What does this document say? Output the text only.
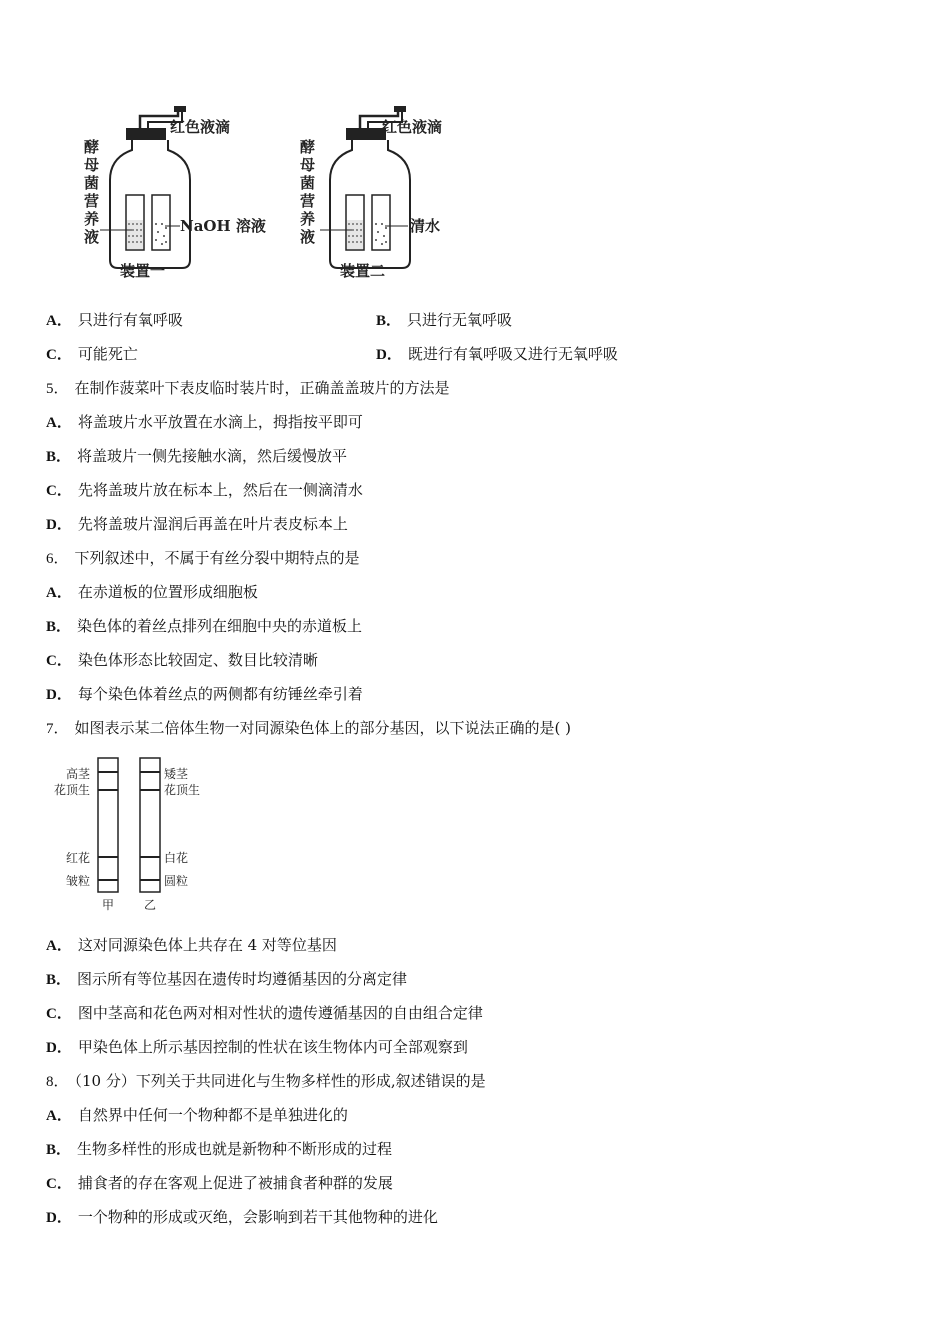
红色液滴
酵
母
菌
营
养
液
NaOH 溶液
装置一
红色液滴
酵
母
菌
营
养
液
清水
装置二
A． 只进行有氧呼吸	B． 只进行无氧呼吸
C． 可能死亡	D． 既进行有氧呼吸又进行无氧呼吸
5． 在制作菠菜叶下表皮临时装片时，正确盖盖玻片的方法是
A． 将盖玻片水平放置在水滴上，拇指按平即可
B． 将盖玻片一侧先接触水滴，然后缓慢放平
C． 先将盖玻片放在标本上，然后在一侧滴清水
D． 先将盖玻片湿润后再盖在叶片表皮标本上
6． 下列叙述中，不属于有丝分裂中期特点的是
A． 在赤道板的位置形成细胞板
B． 染色体的着丝点排列在细胞中央的赤道板上
C． 染色体形态比较固定、数目比较清晰
D． 每个染色体着丝点的两侧都有纺锤丝牵引着
7． 如图表示某二倍体生物一对同源染色体上的部分基因，以下说法正确的是( )
高茎
花顶生
红花
皱粒
矮茎
花顶生
白花
圆粒
甲 乙
A． 这对同源染色体上共存在 4 对等位基因
B． 图示所有等位基因在遗传时均遵循基因的分离定律
C． 图中茎高和花色两对相对性状的遗传遵循基因的自由组合定律
D． 甲染色体上所示基因控制的性状在该生物体内可全部观察到
8． （10 分）下列关于共同进化与生物多样性的形成,叙述错误的是
A． 自然界中任何一个物种都不是单独进化的
B． 生物多样性的形成也就是新物种不断形成的过程
C． 捕食者的存在客观上促进了被捕食者种群的发展
D． 一个物种的形成或灭绝，会影响到若干其他物种的进化
